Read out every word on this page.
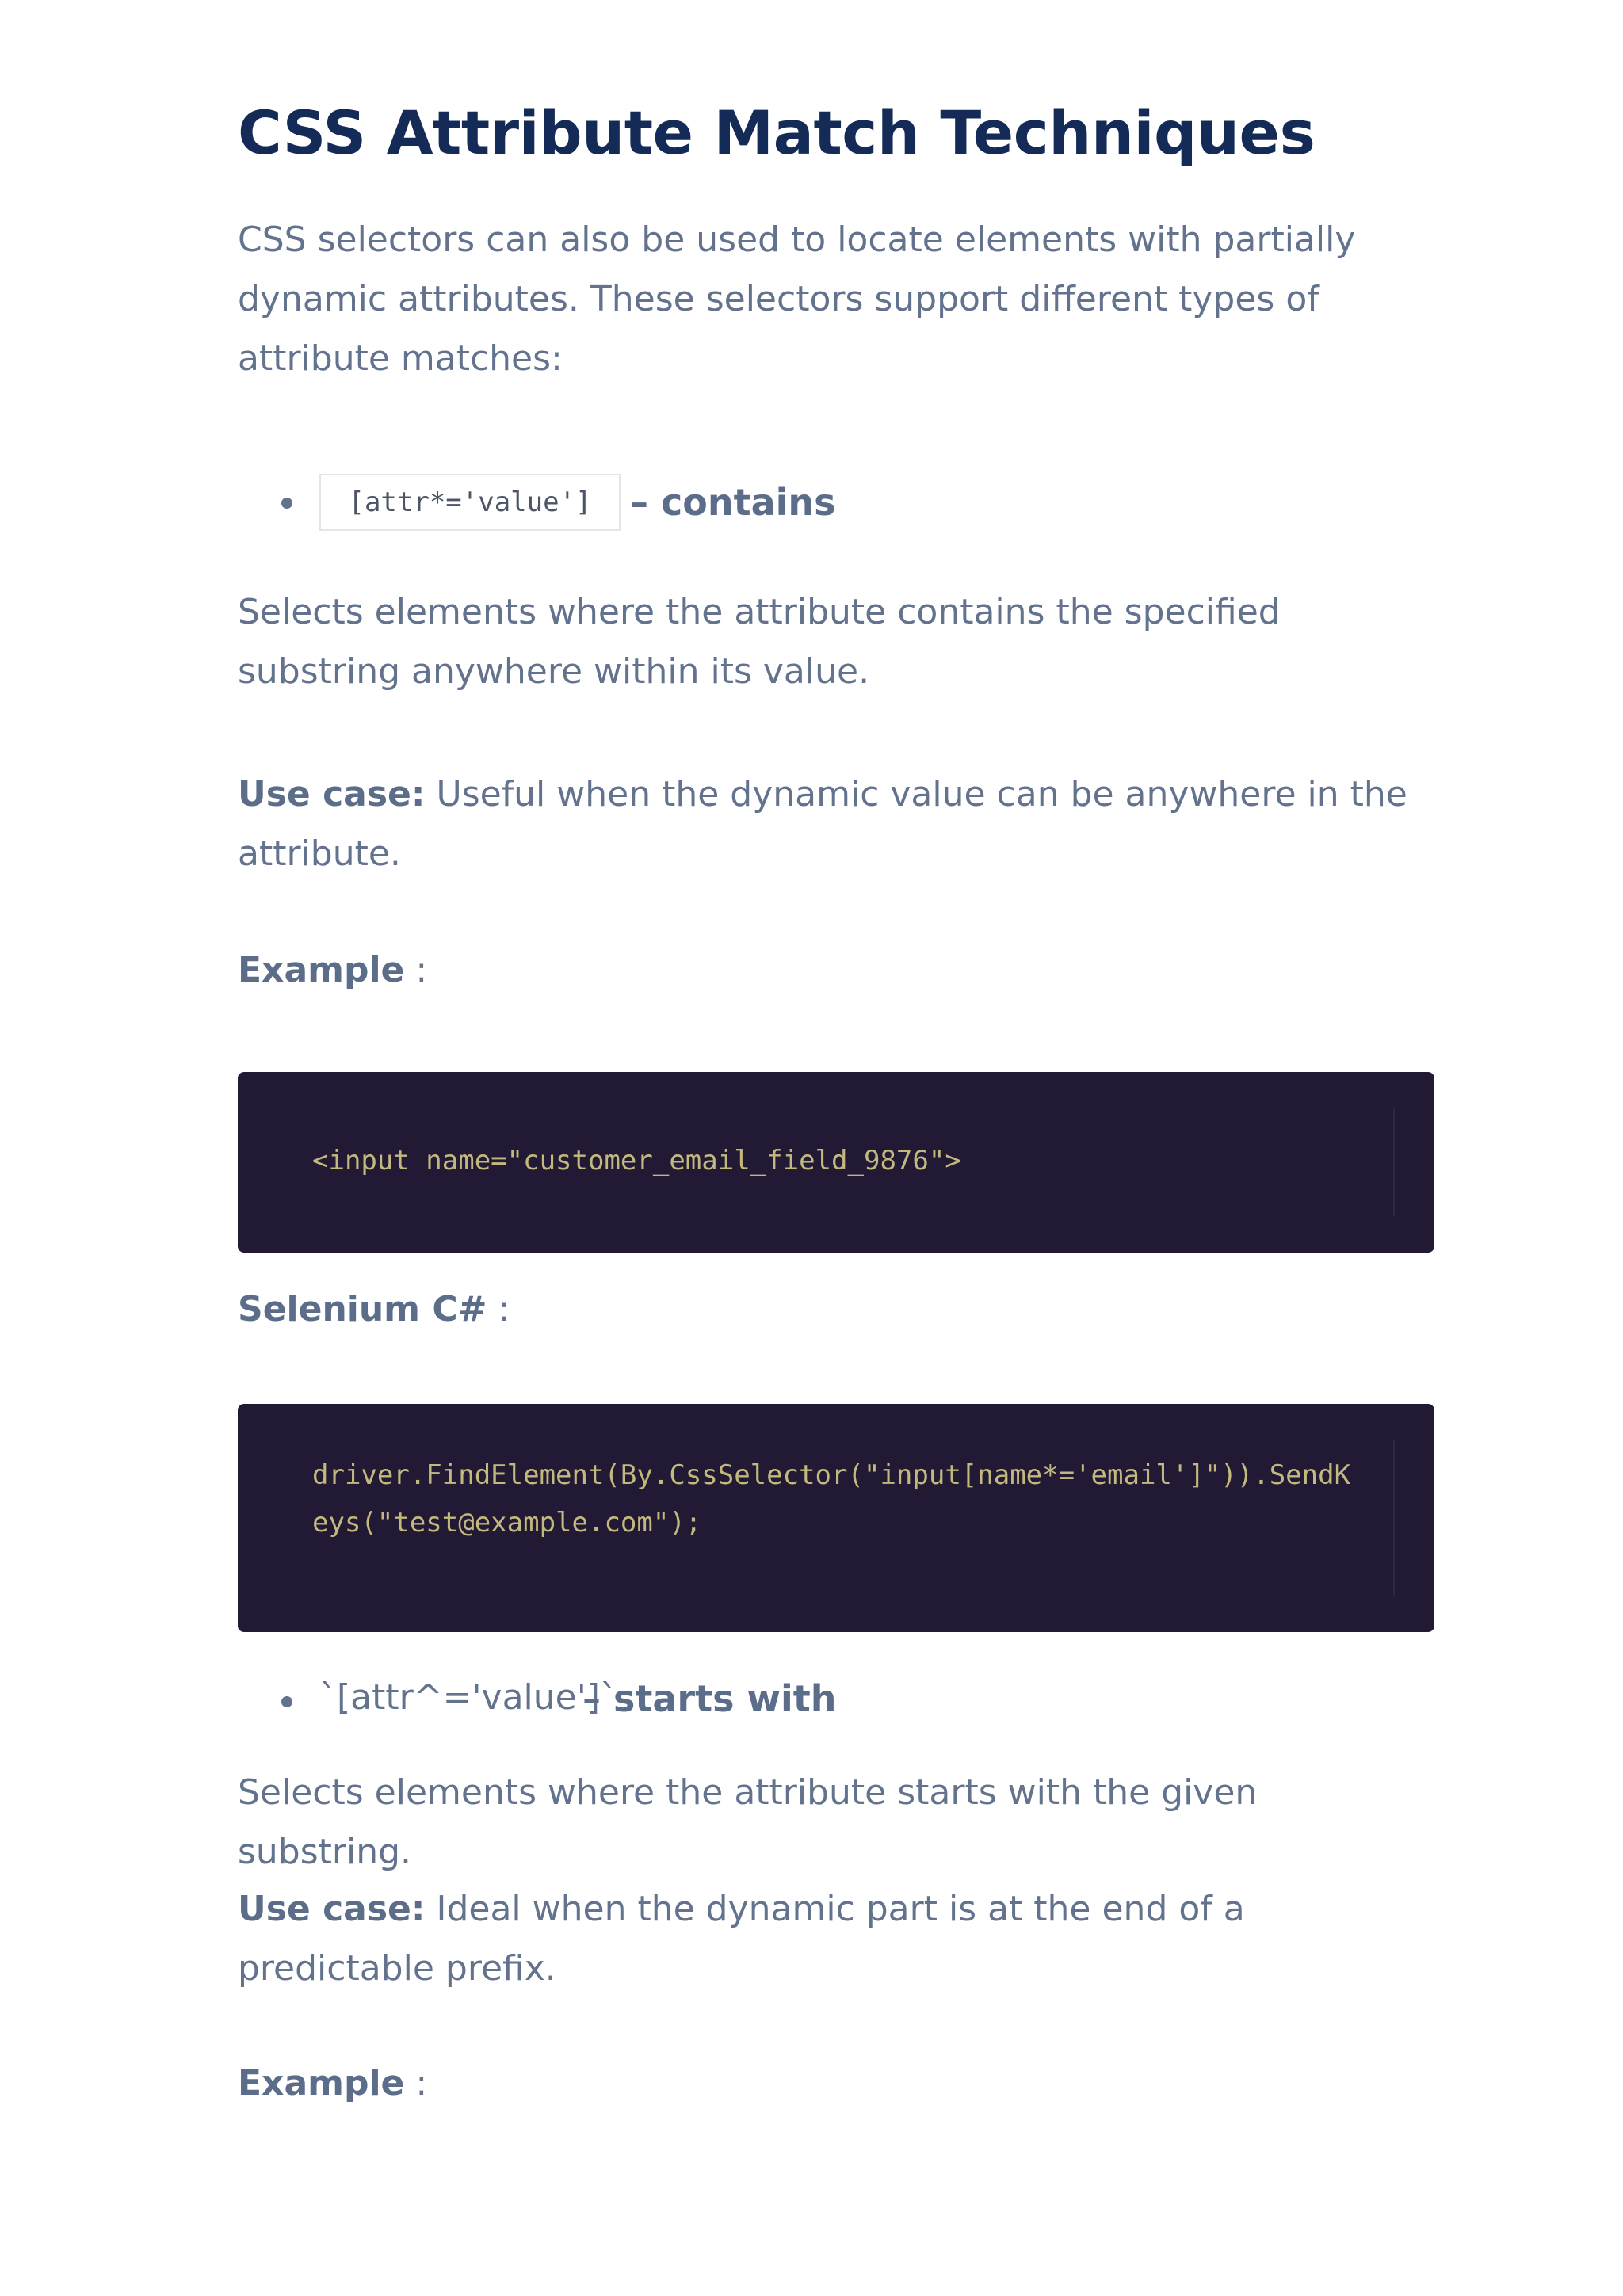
CSS Attribute Match Techniques

CSS selectors can also be used to locate elements with partially dynamic attributes. These selectors support different types of attribute matches:

[attr*='value']	– contains

Selects elements where the attribute contains the specified substring anywhere within its value.

Use case: Useful when the dynamic value can be anywhere in the attribute.

Example :

<input name="customer_email_field_9876">

Selenium C# :

driver.FindElement(By.CssSelector("input[name*='email']")).SendKeys("test@example.com");
`[attr^='value']`
– starts with

Selects elements where the attribute starts with the given substring.

Use case: Ideal when the dynamic part is at the end of a predictable prefix.

Example :
